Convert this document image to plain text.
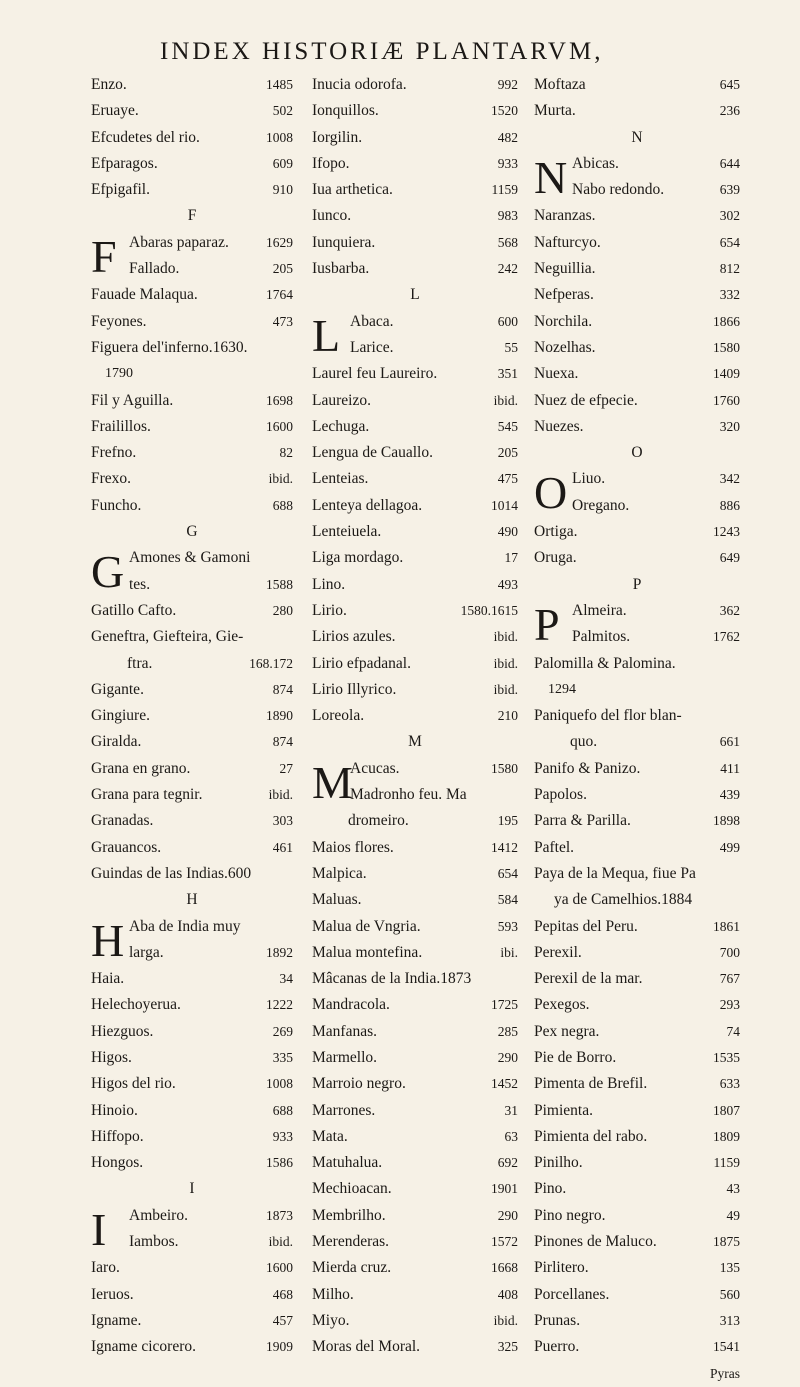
INDEX HISTORIÆ PLANTARVM,
Enzo.	1485
Eruaye.	502
Efcudetes del rio.	1008
Efparagos.	609
Efpigafil.	910
F
F Abaras paparaz.	1629
Fallado.	205
Fauade Malaqua.	1764
Feyones.	473
Figuera del'inferno.1630.
1790
Fil y Aguilla.	1698
Frailillos.	1600
Frefno.	82
Frexo.	ibid.
Funcho.	688
G
G Amones & Gamoni
tes.	1588
Gatillo Cafto.	280
Geneftra, Giefteira, Gie-
ftra.	168.172
Gigante.	874
Gingiure.	1890
Giralda.	874
Grana en grano.	27
Grana para tegnir.	ibid.
Granadas.	303
Grauancos.	461
Guindas de las Indias.600
H
H Aba de India muy
larga.	1892
Haia.	34
Helechoyerua.	1222
Hiezguos.	269
Higos.	335
Higos del rio.	1008
Hinoio.	688
Hiffopo.	933
Hongos.	1586
I
I Ambeiro.	1873
Iambos.	ibid.
Iaro.	1600
Ieruos.	468
Igname.	457
Igname cicorero.	1909
Inucia odorofa.	992
Ionquillos.	1520
Iorgilin.	482
Ifopo.	933
Iua arthetica.	1159
Iunco.	983
Iunquiera.	568
Iusbarba.	242
L
L Abaca.	600
Larice.	55
Laurel feu Laureiro.	351
Laureizo.	ibid.
Lechuga.	545
Lengua de Cauallo.	205
Lenteias.	475
Lenteya dellagoa.	1014
Lenteiuela.	490
Liga mordago.	17
Lino.	493
Lirio.	1580.1615
Lirios azules.	ibid.
Lirio efpadanal.	ibid.
Lirio Illyrico.	ibid.
Loreola.	210
M
M
Acucas.	1580
Madronho feu. Ma
dromeiro.	195
Maios flores.	1412
Malpica.	654
Maluas.	584
Malua de Vngria.	593
Malua montefina.	ibi.
Mâcanas de la India.1873
Mandracola.	1725
Manfanas.	285
Marmello.	290
Marroio negro.	1452
Marrones.	31
Mata.	63
Matuhalua.	692
Mechioacan.	1901
Membrilho.	290
Merenderas.	1572
Mierda cruz.	1668
Milho.	408
Miyo.	ibid.
Moras del Moral.	325
Moftaza	645
Murta.	236
N
N Abicas.	644
Nabo redondo.	639
Naranzas.	302
Nafturcyo.	654
Neguillia.	812
Nefperas.	332
Norchila.	1866
Nozelhas.	1580
Nuexa.	1409
Nuez de efpecie.	1760
Nuezes.	320
O
O Liuo.	342
Oregano.	886
Ortiga.	1243
Oruga.	649
P
P Almeira.	362
Palmitos.	1762
Palomilla & Palomina.
1294
Paniquefo del flor blan-
quo.	661
Panifo & Panizo.	411
Papolos.	439
Parra & Parilla.	1898
Paftel.	499
Paya de la Mequa, fiue Pa
ya de Camelhios.1884
Pepitas del Peru.	1861
Perexil.	700
Perexil de la mar.	767
Pexegos.	293
Pex negra.	74
Pie de Borro.	1535
Pimenta de Brefil.	633
Pimienta.	1807
Pimienta del rabo.	1809
Pinilho.	1159
Pino.	43
Pino negro.	49
Pinones de Maluco.	1875
Pirlitero.	135
Porcellanes.	560
Prunas.	313
Puerro.	1541
Pyras
